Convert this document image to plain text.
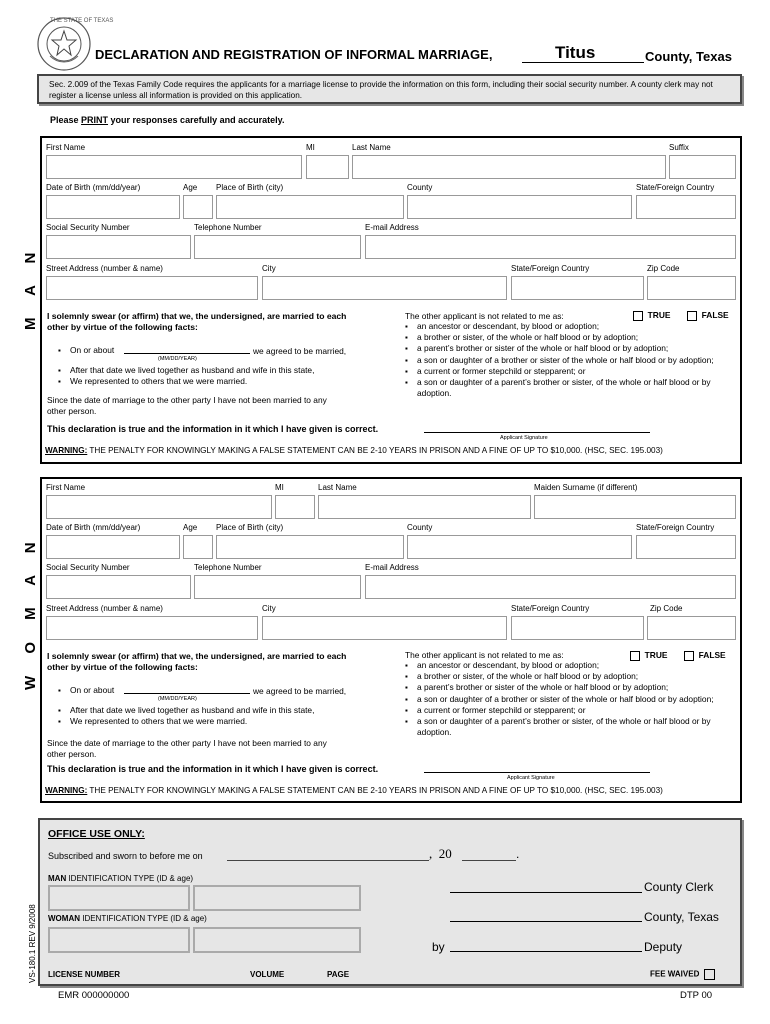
THE STATE OF TEXAS
DECLARATION AND REGISTRATION OF INFORMAL MARRIAGE,	Titus	County, Texas
Sec. 2.009 of the Texas Family Code requires the applicants for a marriage license to provide the information on this form, including their social security number. A county clerk may not register a license unless all information is provided on this application.
Please PRINT your responses carefully and accurately.
M A N
First Name	MI	Last Name	Suffix
Date of Birth (mm/dd/year)	Age Place of Birth (city)	County	State/Foreign Country
Social Security Number	Telephone Number	E-mail Address
Street Address (number & name)	City	State/Foreign Country	Zip Code
I solemnly swear (or affirm) that we, the undersigned, are married to each other by virtue of the following facts:
▪ On or about
▪ After that date we lived together as husband and wife in this state,
▪ We represented to others that we were married.
(MM/DD/YEAR)
we agreed to be married,
Since the date of marriage to the other party I have not been married to any other person.
The other applicant is not related to me as:	TRUE	FALSE
▪ an ancestor or descendant, by blood or adoption;
▪ a brother or sister, of the whole or half blood or by adoption;
▪ a parent’s brother or sister of the whole or half blood or by adoption;
▪ a son or daughter of a brother or sister of the whole or half blood or by adoption;
▪ a current or former stepchild or stepparent; or
▪ a son or daughter of a parent’s brother or sister, of the whole or half blood or by adoption.
This declaration is true and the information in it which I have given is correct.
Applicant Signature
WARNING: THE PENALTY FOR KNOWINGLY MAKING A FALSE STATEMENT CAN BE 2-10 YEARS IN PRISON AND A FINE OF UP TO $10,000. (HSC, SEC. 195.003)
W O M A N
First Name	MI	Last Name	Maiden Surname (if different)
Date of Birth (mm/dd/year)	Age Place of Birth (city)	County	State/Foreign Country
Social Security Number	Telephone Number	E-mail Address
Street Address (number & name)	City	State/Foreign Country	Zip Code
I solemnly swear (or affirm) that we, the undersigned, are married to each other by virtue of the following facts:
▪ On or about
▪ After that date we lived together as husband and wife in this state,
▪ We represented to others that we were married.
(MM/DD/YEAR)
we agreed to be married,
Since the date of marriage to the other party I have not been married to any other person.
The other applicant is not related to me as:	TRUE	FALSE
▪ an ancestor or descendant, by blood or adoption;
▪ a brother or sister, of the whole or half blood or by adoption;
▪ a parent’s brother or sister of the whole or half blood or by adoption;
▪ a son or daughter of a brother or sister of the whole or half blood or by adoption;
▪ a current or former stepchild or stepparent; or
▪ a son or daughter of a parent’s brother or sister, of the whole or half blood or by adoption.
This declaration is true and the information in it which I have given is correct.
Applicant Signature
WARNING: THE PENALTY FOR KNOWINGLY MAKING A FALSE STATEMENT CAN BE 2-10 YEARS IN PRISON AND A FINE OF UP TO $10,000. (HSC, SEC. 195.003)
OFFICE USE ONLY:
Subscribed and sworn to before me on	,  20	.
MAN IDENTIFICATION TYPE (ID & age)
WOMAN IDENTIFICATION TYPE (ID & age)
County Clerk
County, Texas
by	Deputy
LICENSE NUMBER	VOLUME	PAGE	FEE WAIVED
VS-180.1 REV 9/2008
EMR 000000000	DTP 00
